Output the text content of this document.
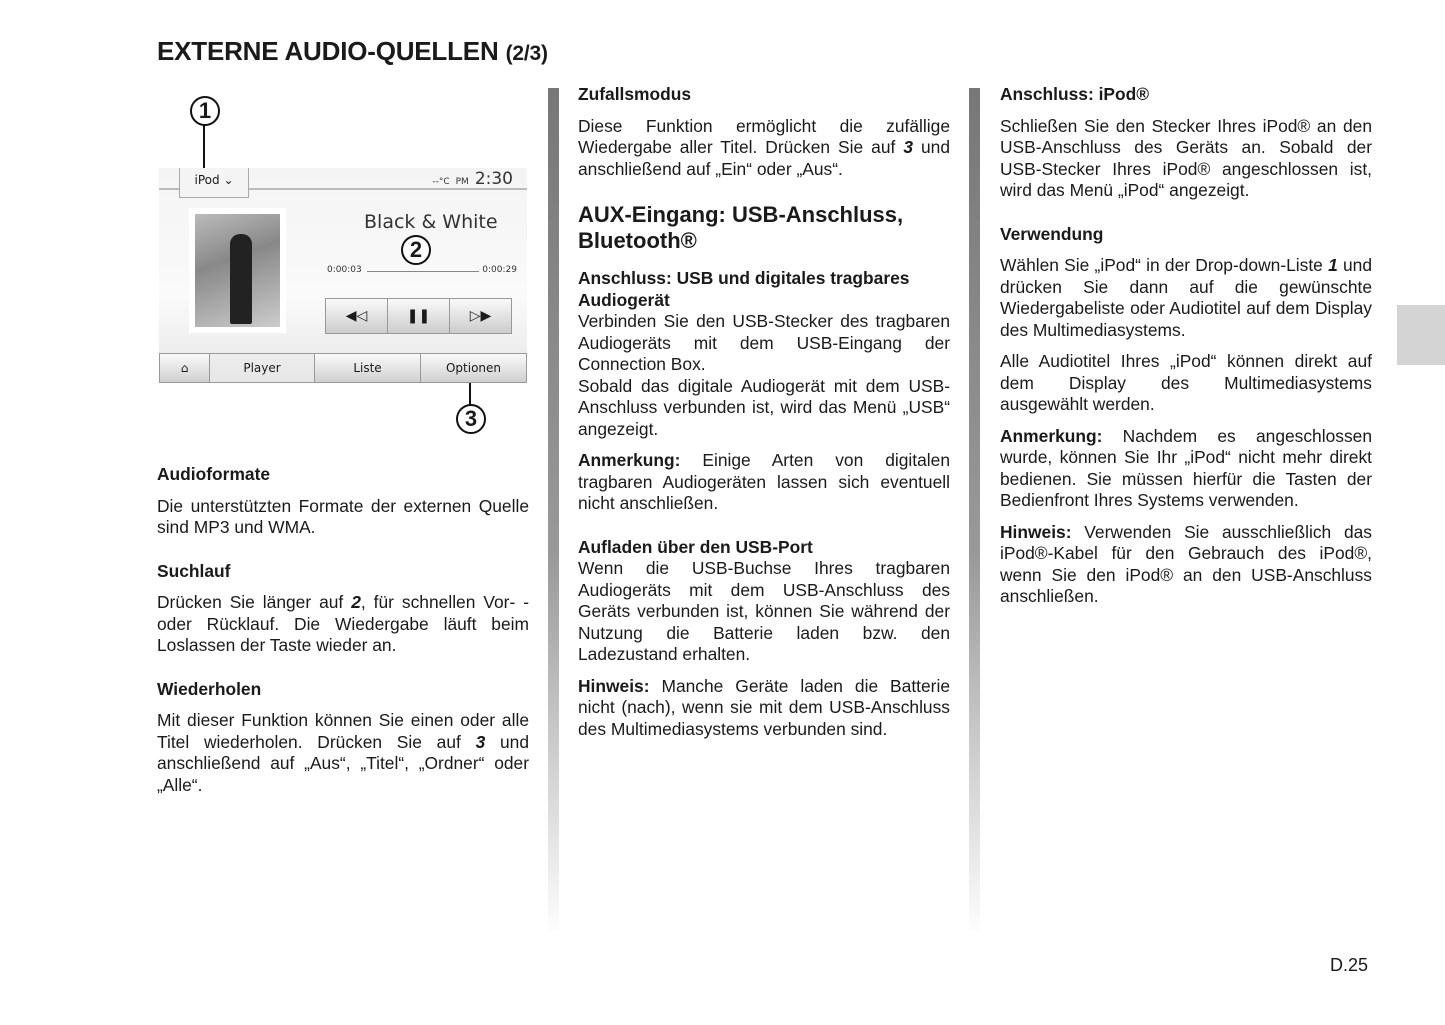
EXTERNE AUDIO-QUELLEN (2/3)
iPod ⌄	--°C PM 2:30
Black & White
0:00:03	0:00:29
◀◁	❚❚	▷▶
⌂	Player	Liste	Optionen
1
2
3
Audioformate

Die unterstützten Formate der externen Quelle sind MP3 und WMA.

Suchlauf

Drücken Sie länger auf 2, für schnellen Vor- -oder Rücklauf. Die Wiedergabe läuft beim Loslassen der Taste wieder an.

Wiederholen

Mit dieser Funktion können Sie einen oder alle Titel wiederholen. Drücken Sie auf 3 und anschließend auf „Aus“, „Titel“, „Ordner“ oder „Alle“.

Zufallsmodus

Diese Funktion ermöglicht die zufällige Wiedergabe aller Titel. Drücken Sie auf 3 und anschließend auf „Ein“ oder „Aus“.

AUX-Eingang: USB-Anschluss, Bluetooth®
Anschluss: USB und digitales tragbares Audiogerät

Verbinden Sie den USB-Stecker des tragbaren Audiogeräts mit dem USB-Eingang der Connection Box.

Sobald das digitale Audiogerät mit dem USB-Anschluss verbunden ist, wird das Menü „USB“ angezeigt.

Anmerkung: Einige Arten von digitalen tragbaren Audiogeräten lassen sich eventuell nicht anschließen.

Aufladen über den USB-Port

Wenn die USB-Buchse Ihres tragbaren Audiogeräts mit dem USB-Anschluss des Geräts verbunden ist, können Sie während der Nutzung die Batterie laden bzw. den Ladezustand erhalten.

Hinweis: Manche Geräte laden die Batterie nicht (nach), wenn sie mit dem USB-Anschluss des Multimediasystems verbunden sind.

Anschluss: iPod®

Schließen Sie den Stecker Ihres iPod® an den USB-Anschluss des Geräts an. Sobald der USB-Stecker Ihres iPod® angeschlossen ist, wird das Menü „iPod“ angezeigt.

Verwendung

Wählen Sie „iPod“ in der Drop-down-Liste 1 und drücken Sie dann auf die gewünschte Wiedergabeliste oder Audiotitel auf dem Display des Multimediasystems.

Alle Audiotitel Ihres „iPod“ können direkt auf dem Display des Multimediasystems ausgewählt werden.

Anmerkung: Nachdem es angeschlossen wurde, können Sie Ihr „iPod“ nicht mehr direkt bedienen. Sie müssen hierfür die Tasten der Bedienfront Ihres Systems verwenden.

Hinweis: Verwenden Sie ausschließlich das iPod®-Kabel für den Gebrauch des iPod®, wenn Sie den iPod® an den USB-Anschluss anschließen.

D.25
